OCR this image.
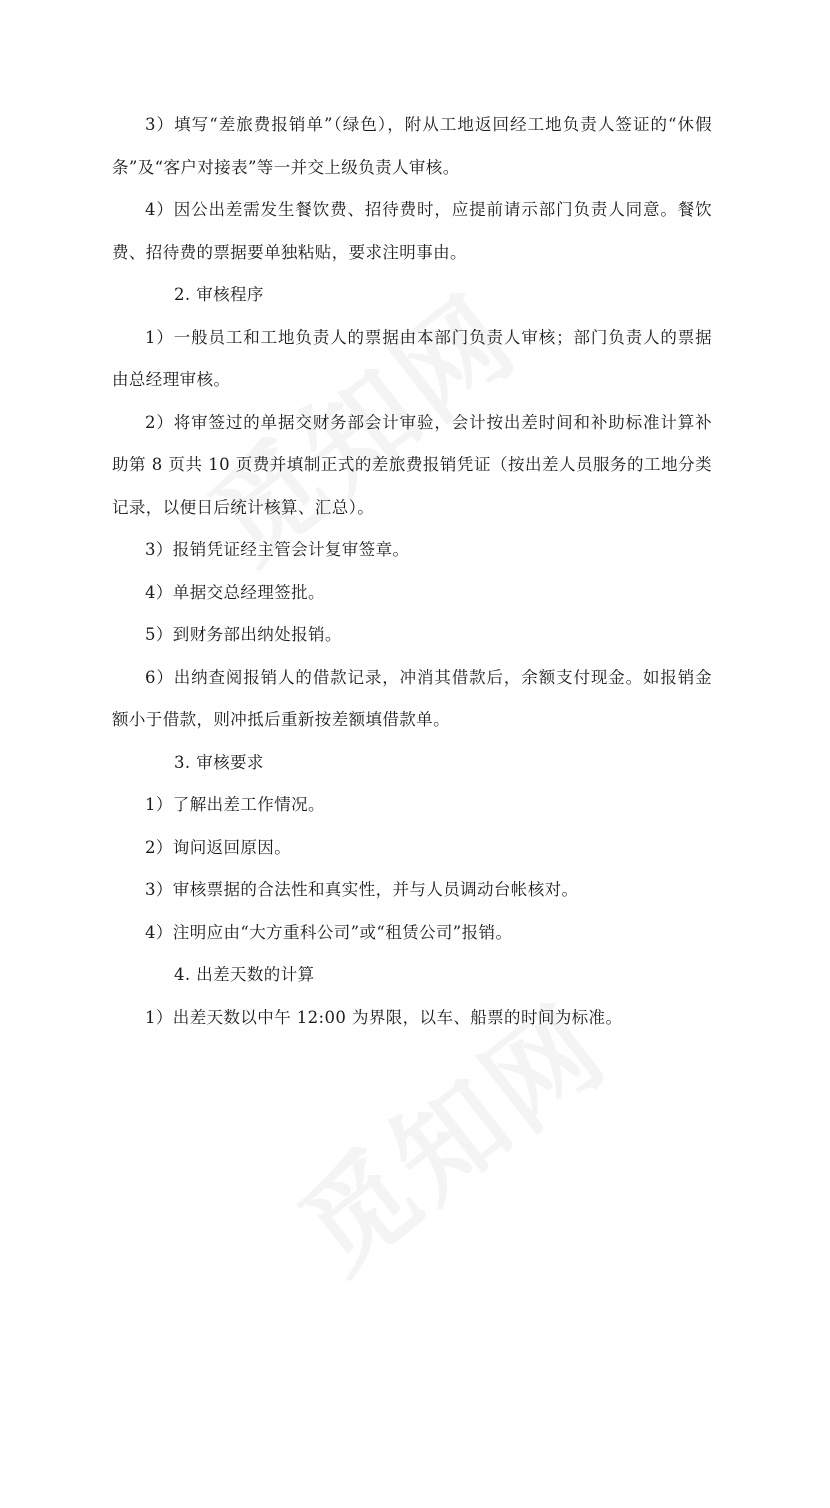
3）填写“差旅费报销单”（绿色），附从工地返回经工地负责人签证的“休假条”及“客户对接表”等一并交上级负责人审核。

4）因公出差需发生餐饮费、招待费时，应提前请示部门负责人同意。餐饮费、招待费的票据要单独粘贴，要求注明事由。

2. 审核程序

1）一般员工和工地负责人的票据由本部门负责人审核；部门负责人的票据由总经理审核。

2）将审签过的单据交财务部会计审验，会计按出差时间和补助标准计算补助第 8 页共 10 页费并填制正式的差旅费报销凭证（按出差人员服务的工地分类记录，以便日后统计核算、汇总）。

3）报销凭证经主管会计复审签章。

4）单据交总经理签批。

5）到财务部出纳处报销。

6）出纳查阅报销人的借款记录，冲消其借款后，余额支付现金。如报销金额小于借款，则冲抵后重新按差额填借款单。

3. 审核要求

1）了解出差工作情况。

2）询问返回原因。

3）审核票据的合法性和真实性，并与人员调动台帐核对。

4）注明应由“大方重科公司”或“租赁公司”报销。

4. 出差天数的计算

1）出差天数以中午 12:00 为界限，以车、船票的时间为标准。
